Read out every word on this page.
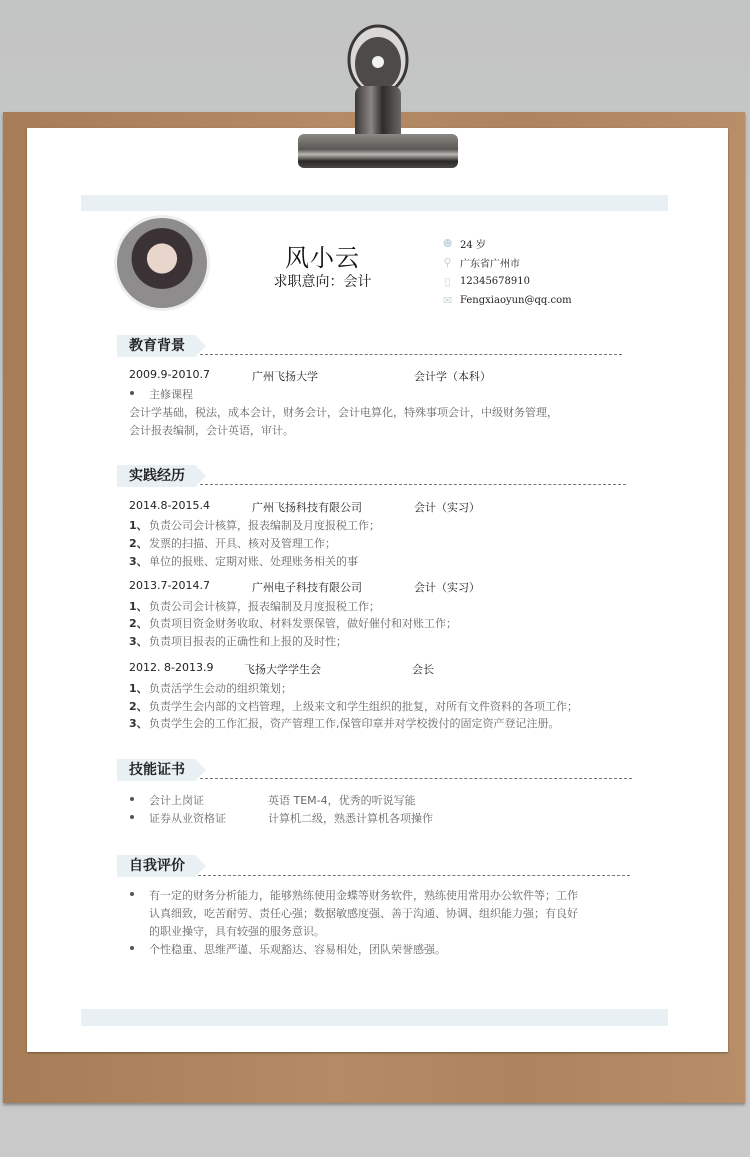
风小云
求职意向：会计
☻ 24 岁
⚲ 广东省广州市
▯ 12345678910
✉ Fengxiaoyun@qq.com
教育背景
2009.9-2010.7	广州飞扬大学	会计学（本科）
主修课程
会计学基础，税法，成本会计，财务会计，会计电算化，特殊事项会计，中级财务管理，
会计报表编制，会计英语，审计。
实践经历
2014.8-2015.4	广州飞扬科技有限公司	会计（实习）
1、 负责公司会计核算，报表编制及月度报税工作；
2、 发票的扫描、开具、核对及管理工作；
3、 单位的报账、定期对账、处理账务相关的事
2013.7-2014.7	广州电子科技有限公司	会计（实习）
1、 负责公司会计核算，报表编制及月度报税工作；
2、 负责项目资金财务收取、材料发票保管，做好催付和对账工作；
3、 负责项目报表的正确性和上报的及时性；
2012. 8-2013.9	飞扬大学学生会	会长
1、 负责活学生会动的组织策划；
2、 负责学生会内部的文档管理，上级来文和学生组织的批复，对所有文件资料的各项工作；
3、 负责学生会的工作汇报，资产管理工作,保管印章并对学校拨付的固定资产登记注册。
技能证书
会计上岗证	英语 TEM-4，优秀的听说写能
证券从业资格证	计算机二级，熟悉计算机各项操作
自我评价
有一定的财务分析能力，能够熟练使用金蝶等财务软件，熟练使用常用办公软件等；工作
认真细致，吃苦耐劳、责任心强；数据敏感度强、善于沟通、协调、组织能力强；有良好
的职业操守，具有较强的服务意识。
个性稳重、思维严谨、乐观豁达、容易相处，团队荣誉感强。
